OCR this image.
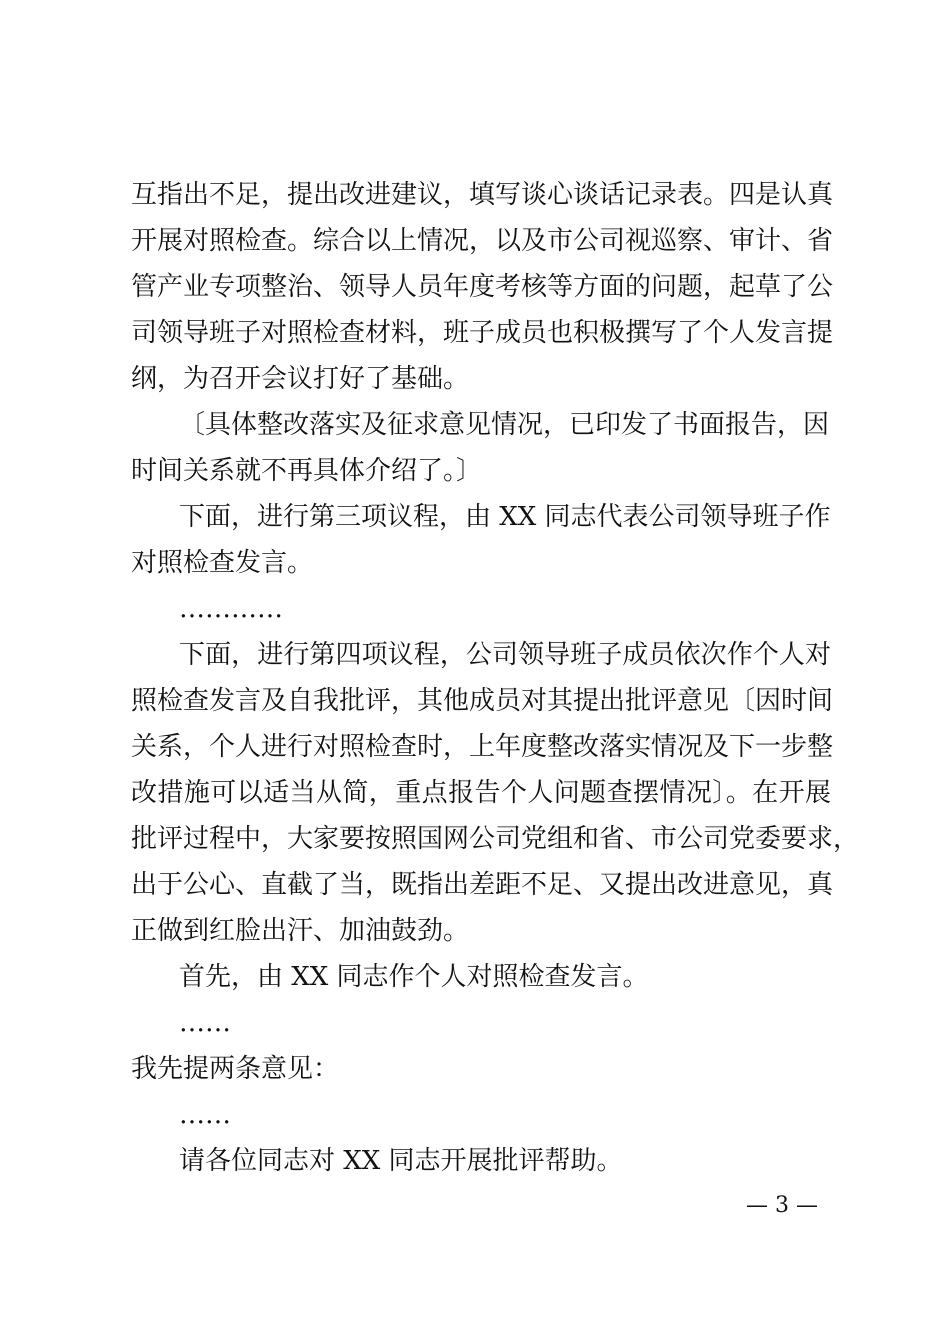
互指出不足，提出改进建议，填写谈心谈话记录表。四是认真
开展对照检查。综合以上情况，以及市公司视巡察、审计、省
管产业专项整治、领导人员年度考核等方面的问题，起草了公
司领导班子对照检查材料，班子成员也积极撰写了个人发言提
纲，为召开会议打好了基础。
〔具体整改落实及征求意见情况，已印发了书面报告，因
时间关系就不再具体介绍了。〕
下面，进行第三项议程，由 XX 同志代表公司领导班子作
对照检查发言。
…………
下面，进行第四项议程，公司领导班子成员依次作个人对
照检查发言及自我批评，其他成员对其提出批评意见〔因时间
关系，个人进行对照检查时，上年度整改落实情况及下一步整
改措施可以适当从简，重点报告个人问题查摆情况〕。在开展
批评过程中，大家要按照国网公司党组和省、市公司党委要求，
出于公心、直截了当，既指出差距不足、又提出改进意见，真
正做到红脸出汗、加油鼓劲。
首先，由 XX 同志作个人对照检查发言。
……
我先提两条意见：
……
请各位同志对 XX 同志开展批评帮助。
— 3 —
